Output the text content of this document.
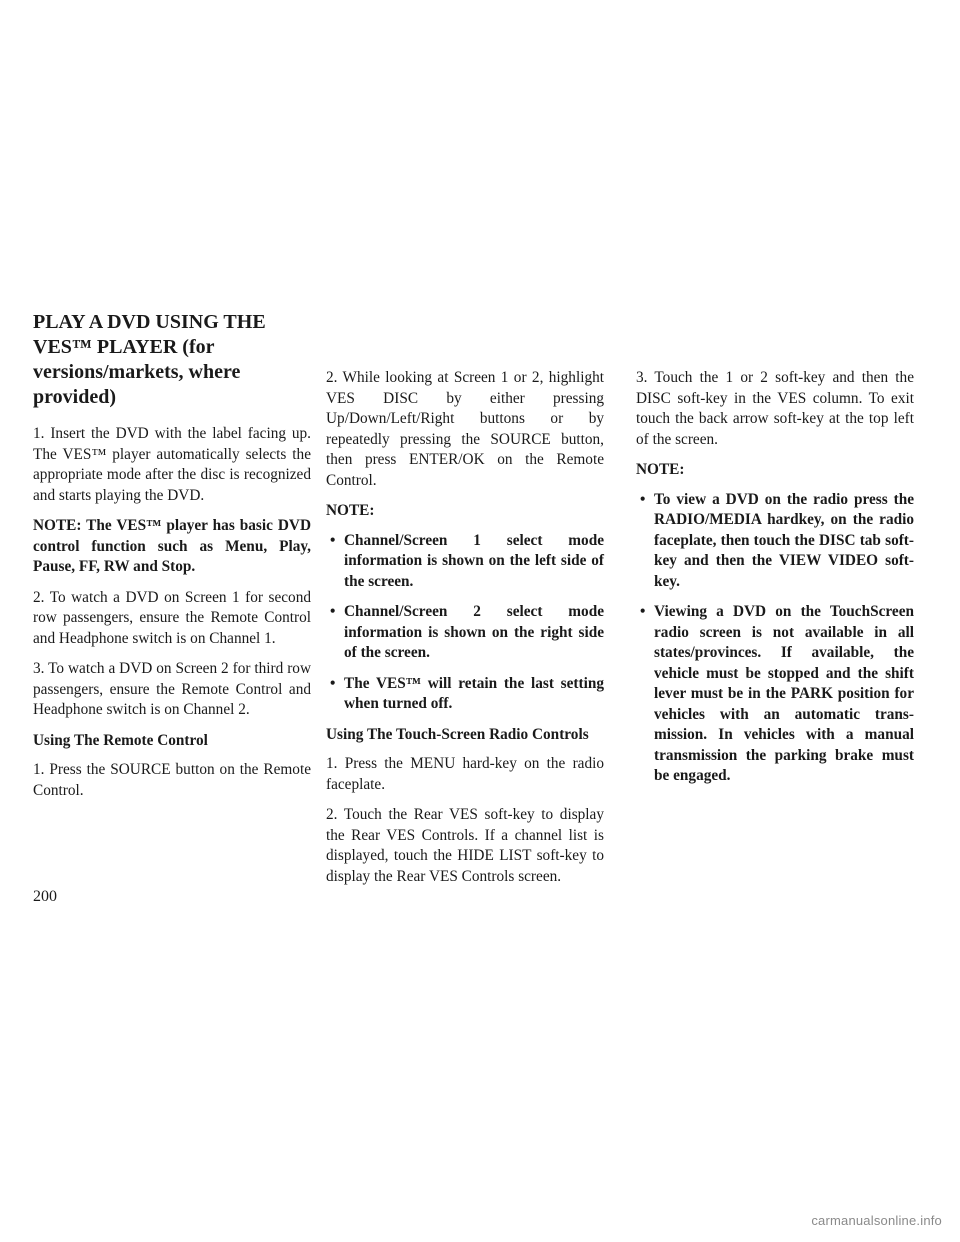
PLAY A DVD USING THE VES™ PLAYER (for versions/markets, where provided)
1. Insert the DVD with the label facing up. The VES™ player automatically selects the appropriate mode after the disc is recognized and starts playing the DVD.
NOTE: The VES™ player has basic DVD control function such as Menu, Play, Pause, FF, RW and Stop.
2. To watch a DVD on Screen 1 for second row passengers, ensure the Remote Control and Headphone switch is on Channel 1.
3. To watch a DVD on Screen 2 for third row passengers, ensure the Remote Control and Headphone switch is on Channel 2.
Using The Remote Control
1. Press the SOURCE button on the Remote Control.
2. While looking at Screen 1 or 2, highlight VES DISC by either pressing Up/Down/Left/Right buttons or by repeatedly pressing the SOURCE button, then press ENTER/OK on the Remote Control.
NOTE:
• Channel/Screen 1 select mode information is shown on the left side of the screen.
• Channel/Screen 2 select mode information is shown on the right side of the screen.
• The VES™ will retain the last setting when turned off.
Using The Touch-Screen Radio Controls
1. Press the MENU hard-key on the radio faceplate.
2. Touch the Rear VES soft-key to display the Rear VES Controls. If a channel list is displayed, touch the HIDE LIST soft-key to display the Rear VES Controls screen.
3. Touch the 1 or 2 soft-key and then the DISC soft-key in the VES column. To exit touch the back arrow soft-key at the top left of the screen.
NOTE:
• To view a DVD on the radio press the RADIO/MEDIA hardkey, on the radio faceplate, then touch the DISC tab soft-key and then the VIEW VIDEO soft-key.
• Viewing a DVD on the TouchScreen radio screen is not available in all states/provinces. If available, the vehicle must be stopped and the shift lever must be in the PARK position for vehicles with an automatic transmission. In vehicles with a manual transmission the parking brake must be engaged.
200
carmanualsonline.info
